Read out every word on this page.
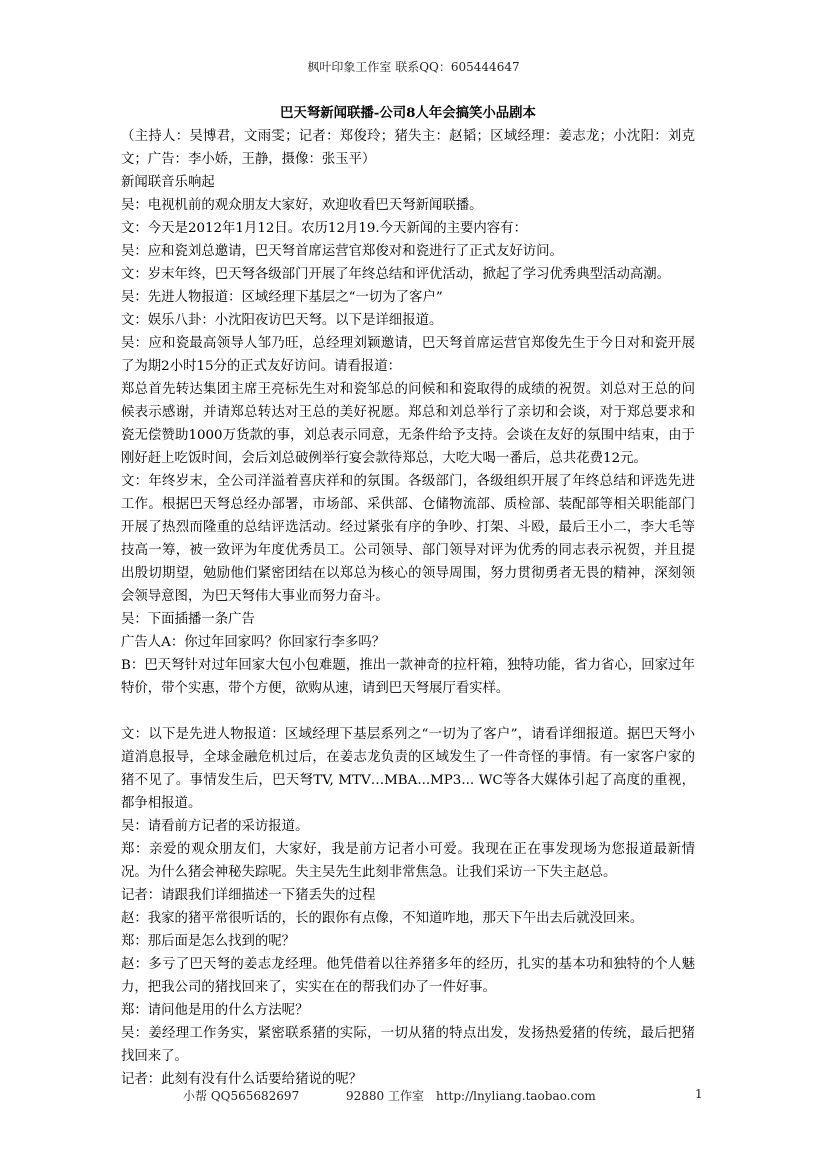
枫叶印象工作室 联系QQ：605444647
巴天弩新闻联播-公司8人年会搞笑小品剧本

（主持人：吴博君，文雨雯；记者：郑俊玲；猪失主：赵韬；区域经理：姜志龙；小沈阳：刘克文；广告：李小娇，王静，摄像：张玉平）

新闻联音乐响起

吴：电视机前的观众朋友大家好，欢迎收看巴天弩新闻联播。

文：今天是2012年1月12日。农历12月19.今天新闻的主要内容有：

吴：应和瓷刘总邀请，巴天弩首席运营官郑俊对和瓷进行了正式友好访问。

文：岁末年终，巴天弩各级部门开展了年终总结和评优活动，掀起了学习优秀典型活动高潮。

吴：先进人物报道：区域经理下基层之“一切为了客户”

文：娱乐八卦：小沈阳夜访巴天弩。以下是详细报道。

吴：应和瓷最高领导人邹乃旺，总经理刘颖邀请，巴天弩首席运营官郑俊先生于今日对和瓷开展了为期2小时15分的正式友好访问。请看报道：

郑总首先转达集团主席王亮标先生对和瓷邹总的问候和和瓷取得的成绩的祝贺。刘总对王总的问候表示感谢，并请郑总转达对王总的美好祝愿。郑总和刘总举行了亲切和会谈，对于郑总要求和瓷无偿赞助1000万货款的事，刘总表示同意，无条件给予支持。会谈在友好的氛围中结束，由于刚好赶上吃饭时间，会后刘总破例举行宴会款待郑总，大吃大喝一番后，总共花费12元。

文：年终岁末，全公司洋溢着喜庆祥和的氛围。各级部门，各级组织开展了年终总结和评选先进工作。根据巴天弩总经办部署，市场部、采供部、仓储物流部、质检部、装配部等相关职能部门开展了热烈而隆重的总结评选活动。经过紧张有序的争吵、打架、斗殴，最后王小二，李大毛等技高一筹，被一致评为年度优秀员工。公司领导、部门领导对评为优秀的同志表示祝贺，并且提出殷切期望，勉励他们紧密团结在以郑总为核心的领导周围，努力贯彻勇者无畏的精神，深刻领会领导意图，为巴天弩伟大事业而努力奋斗。

吴：下面插播一条广告

广告人A：你过年回家吗？你回家行李多吗？

B：巴天弩针对过年回家大包小包难题，推出一款神奇的拉杆箱，独特功能，省力省心，回家过年特价，带个实惠，带个方便，欲购从速，请到巴天弩展厅看实样。

文：以下是先进人物报道：区域经理下基层系列之“一切为了客户”，请看详细报道。据巴天弩小道消息报导，全球金融危机过后，在姜志龙负责的区域发生了一件奇怪的事情。有一家客户家的猪不见了。事情发生后，巴天弩TV, MTV…MBA...MP3... WC等各大媒体引起了高度的重视，都争相报道。

吴：请看前方记者的采访报道。

郑：亲爱的观众朋友们，大家好，我是前方记者小可爱。我现在正在事发现场为您报道最新情况。为什么猪会神秘失踪呢。失主吴先生此刻非常焦急。让我们采访一下失主赵总。

记者：请跟我们详细描述一下猪丢失的过程

赵：我家的猪平常很听话的，长的跟你有点像，不知道咋地，那天下午出去后就没回来。

郑：那后面是怎么找到的呢？

赵：多亏了巴天弩的姜志龙经理。他凭借着以往养猪多年的经历，扎实的基本功和独特的个人魅力，把我公司的猪找回来了，实实在在的帮我们办了一件好事。

郑：请问他是用的什么方法呢？

吴：姜经理工作务实，紧密联系猪的实际，一切从猪的特点出发，发扬热爱猪的传统，最后把猪找回来了。

记者：此刻有没有什么话要给猪说的呢？

小帮 QQ565682697	92880 工作室　http://lnyliang.taobao.com	1
